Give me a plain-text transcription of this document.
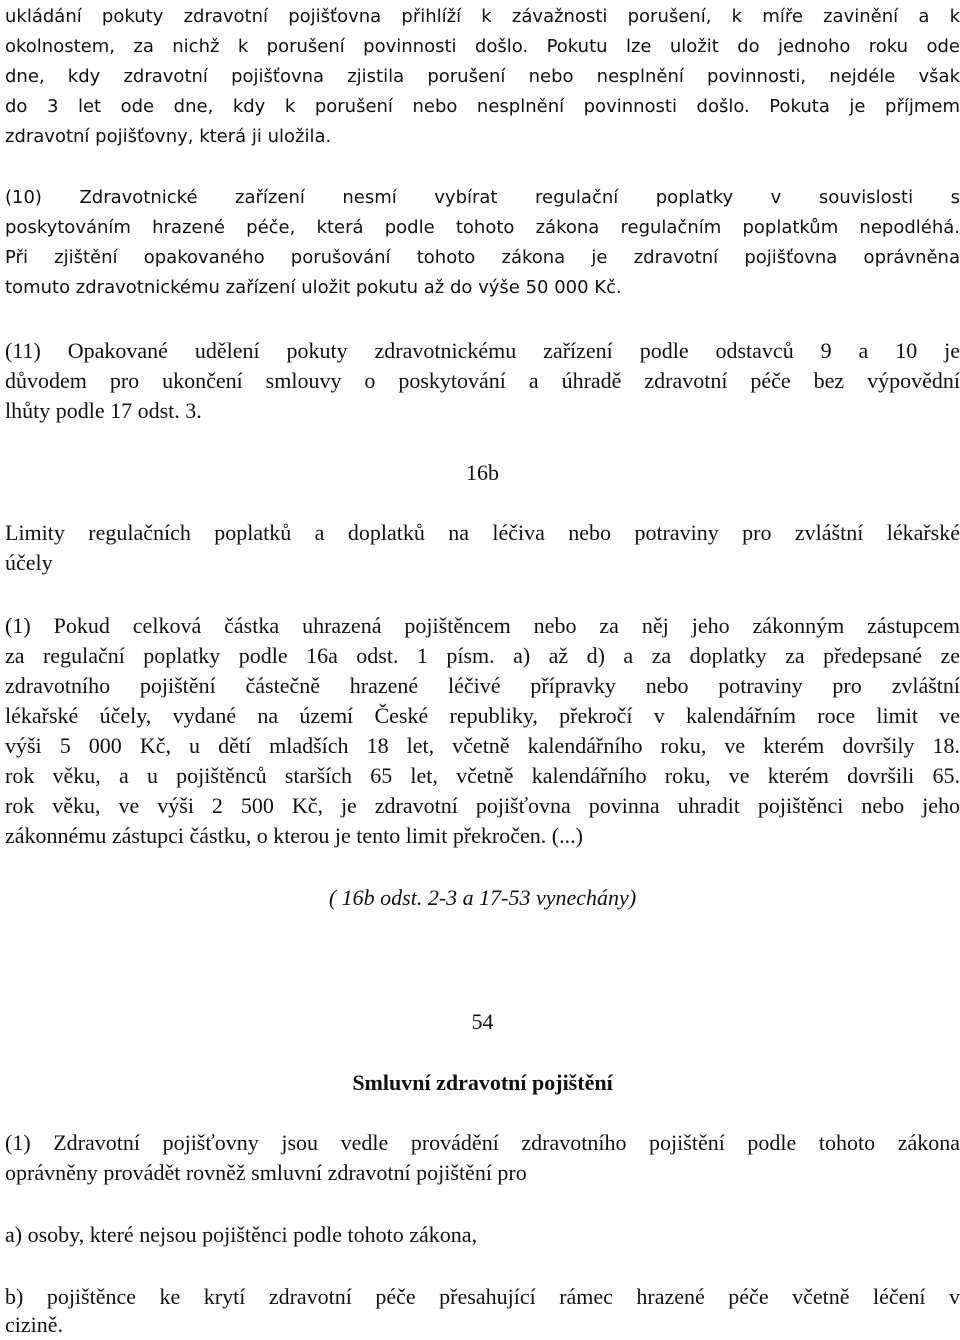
ukládání pokuty zdravotní pojišťovna přihlíží k závažnosti porušení, k míře zavinění a k
okolnostem, za nichž k porušení povinnosti došlo. Pokutu lze uložit do jednoho roku ode
dne, kdy zdravotní pojišťovna zjistila porušení nebo nesplnění povinnosti, nejdéle však
do 3 let ode dne, kdy k porušení nebo nesplnění povinnosti došlo. Pokuta je příjmem
zdravotní pojišťovny, která ji uložila.
(10) Zdravotnické zařízení nesmí vybírat regulační poplatky v souvislosti s
poskytováním hrazené péče, která podle tohoto zákona regulačním poplatkům nepodléhá.
Při zjištění opakovaného porušování tohoto zákona je zdravotní pojišťovna oprávněna
tomuto zdravotnickému zařízení uložit pokutu až do výše 50 000 Kč.
(11) Opakované udělení pokuty zdravotnickému zařízení podle odstavců 9 a 10 je
důvodem pro ukončení smlouvy o poskytování a úhradě zdravotní péče bez výpovědní
lhůty podle 17 odst. 3.
16b
Limity regulačních poplatků a doplatků na léčiva nebo potraviny pro zvláštní lékařské
účely
(1) Pokud celková částka uhrazená pojištěncem nebo za něj jeho zákonným zástupcem
za regulační poplatky podle 16a odst. 1 písm. a) až d) a za doplatky za předepsané ze
zdravotního pojištění částečně hrazené léčivé přípravky nebo potraviny pro zvláštní
lékařské účely, vydané na území České republiky, překročí v kalendářním roce limit ve
výši 5 000 Kč, u dětí mladších 18 let, včetně kalendářního roku, ve kterém dovršily 18.
rok věku, a u pojištěnců starších 65 let, včetně kalendářního roku, ve kterém dovršili 65.
rok věku, ve výši 2 500 Kč, je zdravotní pojišťovna povinna uhradit pojištěnci nebo jeho
zákonnému zástupci částku, o kterou je tento limit překročen. (...)
( 16b odst. 2-3 a 17-53 vynechány)
54
Smluvní zdravotní pojištění
(1) Zdravotní pojišťovny jsou vedle provádění zdravotního pojištění podle tohoto zákona
oprávněny provádět rovněž smluvní zdravotní pojištění pro
a) osoby, které nejsou pojištěnci podle tohoto zákona,
b) pojištěnce ke krytí zdravotní péče přesahující rámec hrazené péče včetně léčení v
cizině.
